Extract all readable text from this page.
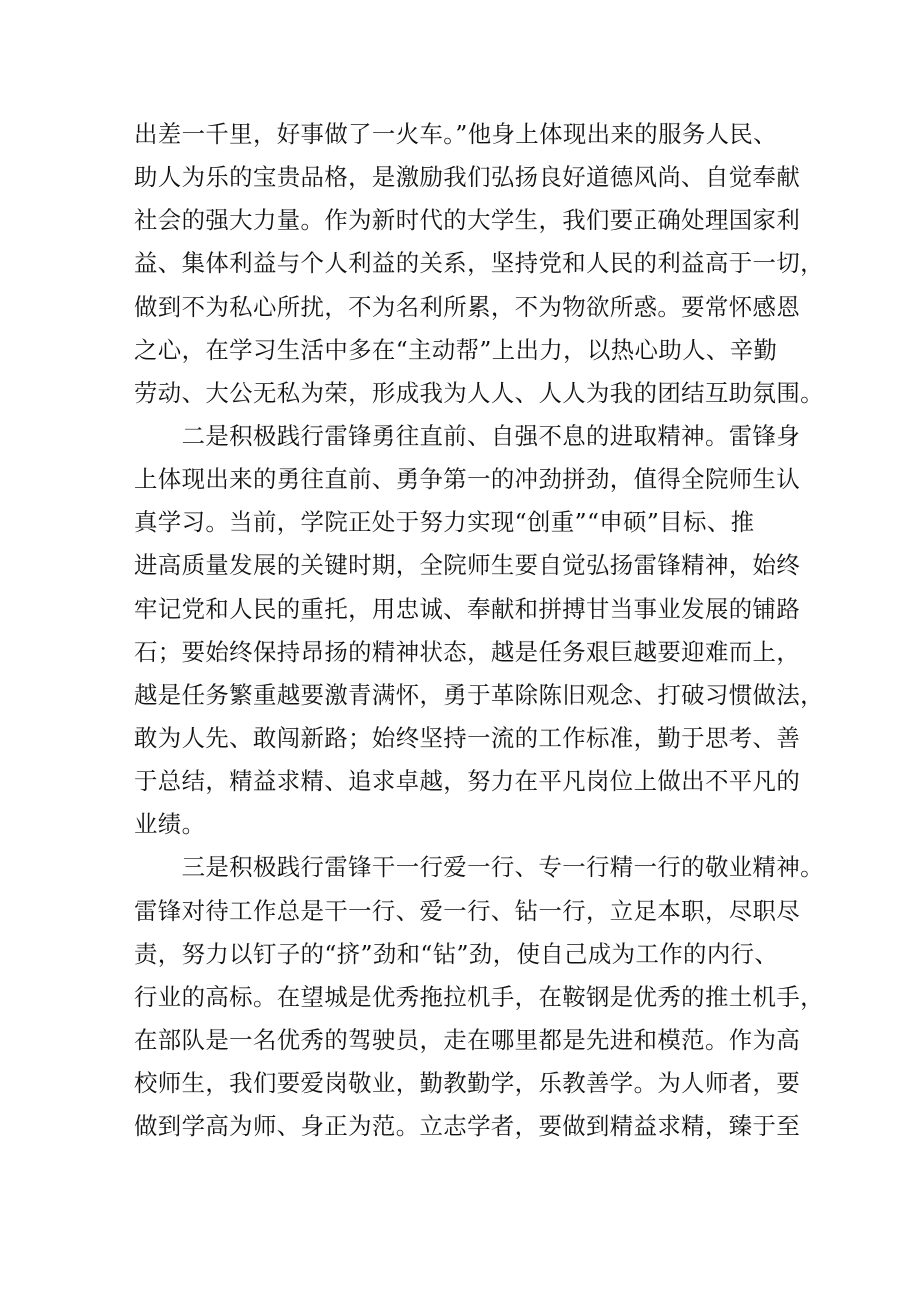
出差一千里，好事做了一火车。”他身上体现出来的服务人民、
助人为乐的宝贵品格，是激励我们弘扬良好道德风尚、自觉奉献
社会的强大力量。作为新时代的大学生，我们要正确处理国家利
益、集体利益与个人利益的关系，坚持党和人民的利益高于一切，
做到不为私心所扰，不为名利所累，不为物欲所惑。要常怀感恩
之心，在学习生活中多在“主动帮”上出力，以热心助人、辛勤
劳动、大公无私为荣，形成我为人人、人人为我的团结互助氛围。
　　二是积极践行雷锋勇往直前、自强不息的进取精神。雷锋身
上体现出来的勇往直前、勇争第一的冲劲拼劲，值得全院师生认
真学习。当前，学院正处于努力实现“创重”“申硕”目标、推
进高质量发展的关键时期，全院师生要自觉弘扬雷锋精神，始终
牢记党和人民的重托，用忠诚、奉献和拼搏甘当事业发展的铺路
石；要始终保持昂扬的精神状态，越是任务艰巨越要迎难而上，
越是任务繁重越要激青满怀，勇于革除陈旧观念、打破习惯做法，
敢为人先、敢闯新路；始终坚持一流的工作标准，勤于思考、善
于总结，精益求精、追求卓越，努力在平凡岗位上做出不平凡的
业绩。
　　三是积极践行雷锋干一行爱一行、专一行精一行的敬业精神。
雷锋对待工作总是干一行、爱一行、钻一行，立足本职，尽职尽
责，努力以钉子的“挤”劲和“钻”劲，使自己成为工作的内行、
行业的高标。在望城是优秀拖拉机手，在鞍钢是优秀的推土机手，
在部队是一名优秀的驾驶员，走在哪里都是先进和模范。作为高
校师生，我们要爱岗敬业，勤教勤学，乐教善学。为人师者，要
做到学高为师、身正为范。立志学者，要做到精益求精，臻于至
